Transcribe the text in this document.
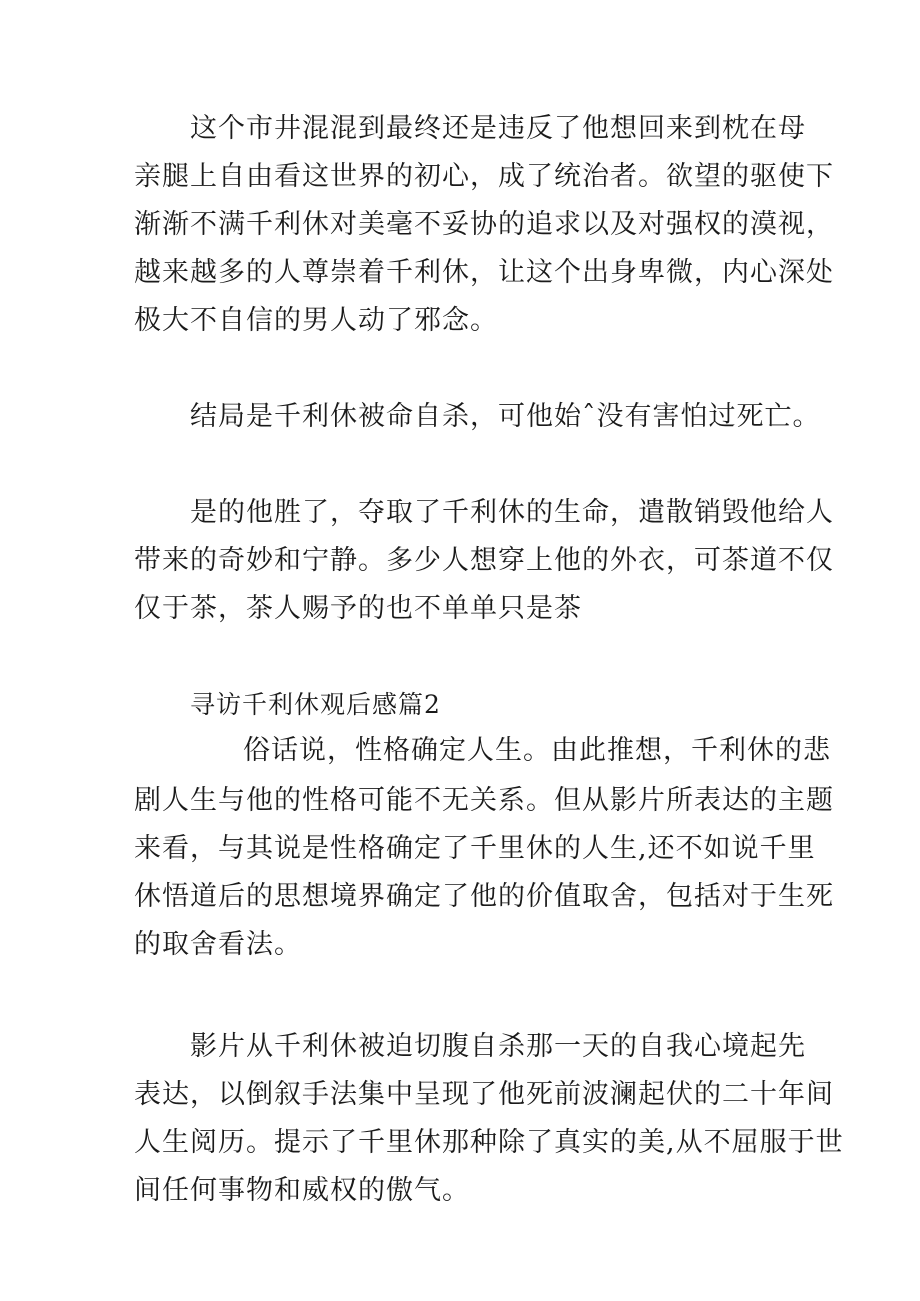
这个市井混混到最终还是违反了他想回来到枕在母
亲腿上自由看这世界的初心，成了统治者。欲望的驱使下
渐渐不满千利休对美毫不妥协的追求以及对强权的漠视，
越来越多的人尊崇着千利休，让这个出身卑微，内心深处
极大不自信的男人动了邪念。
结局是千利休被命自杀，可他始ˆ没有害怕过死亡。
是的他胜了，夺取了千利休的生命，遣散销毁他给人
带来的奇妙和宁静。多少人想穿上他的外衣，可茶道不仅
仅于茶，茶人赐予的也不单单只是茶
寻访千利休观后感篇2
俗话说，性格确定人生。由此推想，千利休的悲
剧人生与他的性格可能不无关系。但从影片所表达的主题
来看，与其说是性格确定了千里休的人生,还不如说千里
休悟道后的思想境界确定了他的价值取舍，包括对于生死
的取舍看法。
影片从千利休被迫切腹自杀那一天的自我心境起先
表达，以倒叙手法集中呈现了他死前波澜起伏的二十年间
人生阅历。提示了千里休那种除了真实的美,从不屈服于世
间任何事物和威权的傲气。
